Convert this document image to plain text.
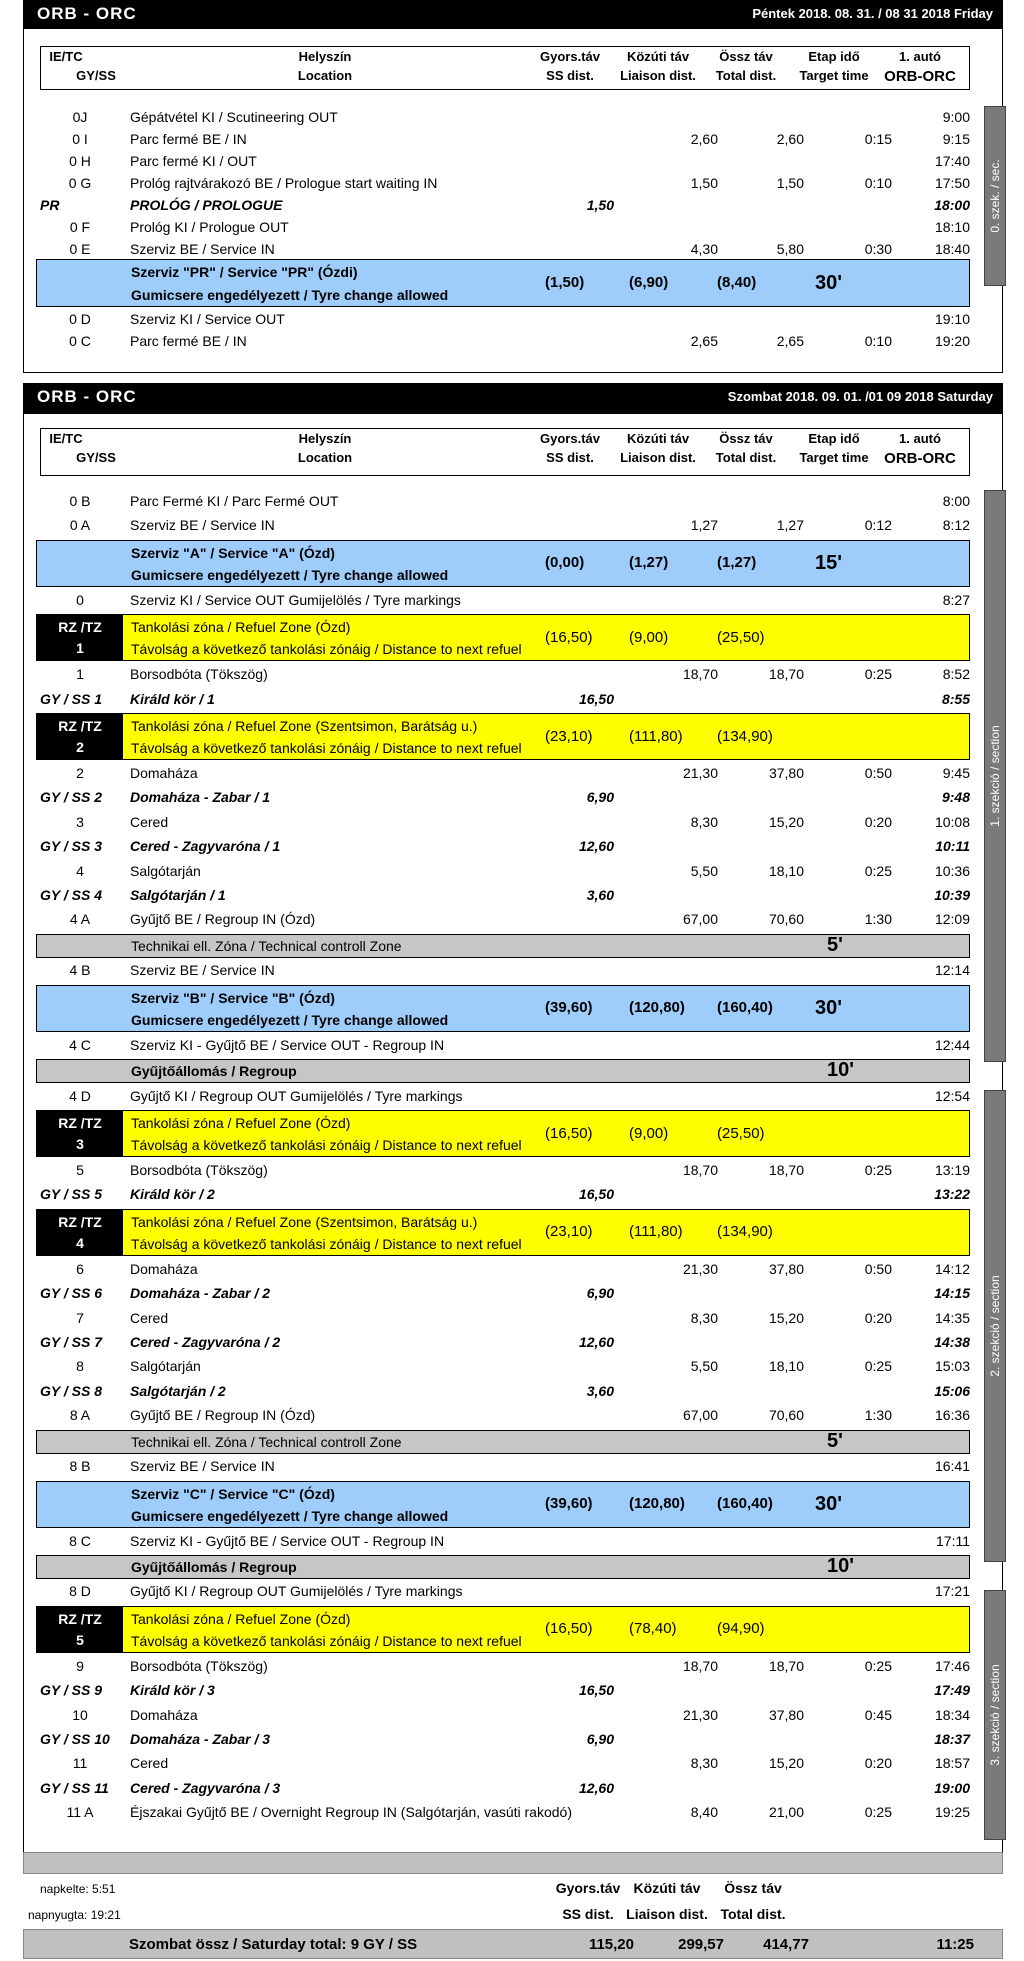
ORB - ORC	Péntek 2018. 08. 31. / 08 31 2018 Friday
0J	Gépátvétel KI / Scutineering OUT	9:00
0 I	Parc fermé BE / IN	2,60	2,60	0:15	9:15
0 H	Parc fermé KI / OUT	17:40
0 G	Prológ rajtvárakozó BE / Prologue start waiting IN	1,50	1,50	0:10	17:50
PR	PROLÓG / PROLOGUE	1,50	18:00
0 F	Prológ KI / Prologue OUT	18:10
0 E	Szerviz BE / Service IN	4,30	5,80	0:30	18:40
Szerviz "PR" / Service "PR" (Ózdi)
Gumicsere engedélyezett / Tyre change allowed
(1,50)	(6,90)	(8,40)	30'
0 D	Szerviz KI / Service OUT	19:10
0 C	Parc fermé BE / IN	2,65	2,65	0:10	19:20
0. szek. / sec.
ORB - ORC	Szombat 2018. 09. 01. /01 09 2018 Saturday
0 B	Parc Fermé KI / Parc Fermé OUT	8:00
0 A	Szerviz BE / Service IN	1,27	1,27	0:12	8:12
Szerviz "A" / Service "A" (Ózd)
Gumicsere engedélyezett / Tyre change allowed
(0,00)	(1,27)	(1,27)	15'
0	Szerviz KI / Service OUT Gumijelölés / Tyre markings	8:27
RZ /TZ
1
Tankolási zóna / Refuel Zone (Ózd)
Távolság a következő tankolási zónáig / Distance to next refuel
(16,50) (9,00)	(25,50)
1	Borsodbóta (Tökszög)	18,70	18,70	0:25	8:52
GY / SS 1	Királd kör / 1	16,50	8:55
RZ /TZ
2
Tankolási zóna / Refuel Zone (Szentsimon, Barátság u.)
Távolság a következő tankolási zónáig / Distance to next refuel
(23,10) (111,80) (134,90)
2	Domaháza	21,30	37,80	0:50	9:45
GY / SS 2	Domaháza - Zabar / 1	6,90	9:48
3	Cered	8,30	15,20	0:20	10:08
GY / SS 3	Cered - Zagyvaróna / 1	12,60	10:11
4	Salgótarján	5,50	18,10	0:25	10:36
GY / SS 4	Salgótarján / 1	3,60	10:39
4 A	Gyűjtő BE / Regroup IN (Ózd)	67,00	70,60	1:30	12:09
Technikai ell. Zóna / Technical controll Zone	5'
4 B	Szerviz BE / Service IN	12:14
Szerviz "B" / Service "B" (Ózd)
Gumicsere engedélyezett / Tyre change allowed
(39,60) (120,80) (160,40) 30'
4 C	Szerviz KI - Gyűjtő BE / Service OUT - Regroup IN	12:44
Gyűjtőállomás / Regroup	10'
4 D	Gyűjtő KI / Regroup OUT Gumijelölés / Tyre markings	12:54
RZ /TZ
3
Tankolási zóna / Refuel Zone (Ózd)
Távolság a következő tankolási zónáig / Distance to next refuel
(16,50) (9,00)	(25,50)
5	Borsodbóta (Tökszög)	18,70	18,70	0:25	13:19
GY / SS 5	Királd kör / 2	16,50	13:22
RZ /TZ
4
Tankolási zóna / Refuel Zone (Szentsimon, Barátság u.)
Távolság a következő tankolási zónáig / Distance to next refuel
(23,10) (111,80) (134,90)
6	Domaháza	21,30	37,80	0:50	14:12
GY / SS 6	Domaháza - Zabar / 2	6,90	14:15
7	Cered	8,30	15,20	0:20	14:35
GY / SS 7	Cered - Zagyvaróna / 2	12,60	14:38
8	Salgótarján	5,50	18,10	0:25	15:03
GY / SS 8	Salgótarján / 2	3,60	15:06
8 A	Gyűjtő BE / Regroup IN (Ózd)	67,00	70,60	1:30	16:36
Technikai ell. Zóna / Technical controll Zone	5'
8 B	Szerviz BE / Service IN	16:41
Szerviz "C" / Service "C" (Ózd)
Gumicsere engedélyezett / Tyre change allowed
(39,60) (120,80) (160,40) 30'
8 C	Szerviz KI - Gyűjtő BE / Service OUT - Regroup IN	17:11
Gyűjtőállomás / Regroup	10'
8 D	Gyűjtő KI / Regroup OUT Gumijelölés / Tyre markings	17:21
RZ /TZ
5
Tankolási zóna / Refuel Zone (Ózd)
Távolság a következő tankolási zónáig / Distance to next refuel
(16,50) (78,40)	(94,90)
9	Borsodbóta (Tökszög)	18,70	18,70	0:25	17:46
GY / SS 9	Királd kör / 3	16,50	17:49
10	Domaháza	21,30	37,80	0:45	18:34
GY / SS 10	Domaháza - Zabar / 3	6,90	18:37
11	Cered	8,30	15,20	0:20	18:57
GY / SS 11	Cered - Zagyvaróna / 3	12,60	19:00
11 A	Éjszakai Gyűjtő BE / Overnight Regroup IN (Salgótarján, vasúti rakodó)	8,40	21,00	0:25	19:25
1. szekció / section
2. szekció / section
3. szekció / section
napkelte: 5:51
napnyugta: 19:21
Gyors.táv
SS dist.
Közúti táv
Liaison dist.
Össz táv
Total dist.
Szombat össz / Saturday total: 9 GY / SS	115,20	299,57	414,77	11:25
IE/TC
GY/SS
Helyszín
Location
Gyors.táv
SS dist.
Közúti táv
Liaison dist.
Össz táv
Total dist.
Etap idő
Target time
1. autó
ORB-ORC
IE/TC
GY/SS
Helyszín
Location
Gyors.táv
SS dist.
Közúti táv
Liaison dist.
Össz táv
Total dist.
Etap idő
Target time
1. autó
ORB-ORC
